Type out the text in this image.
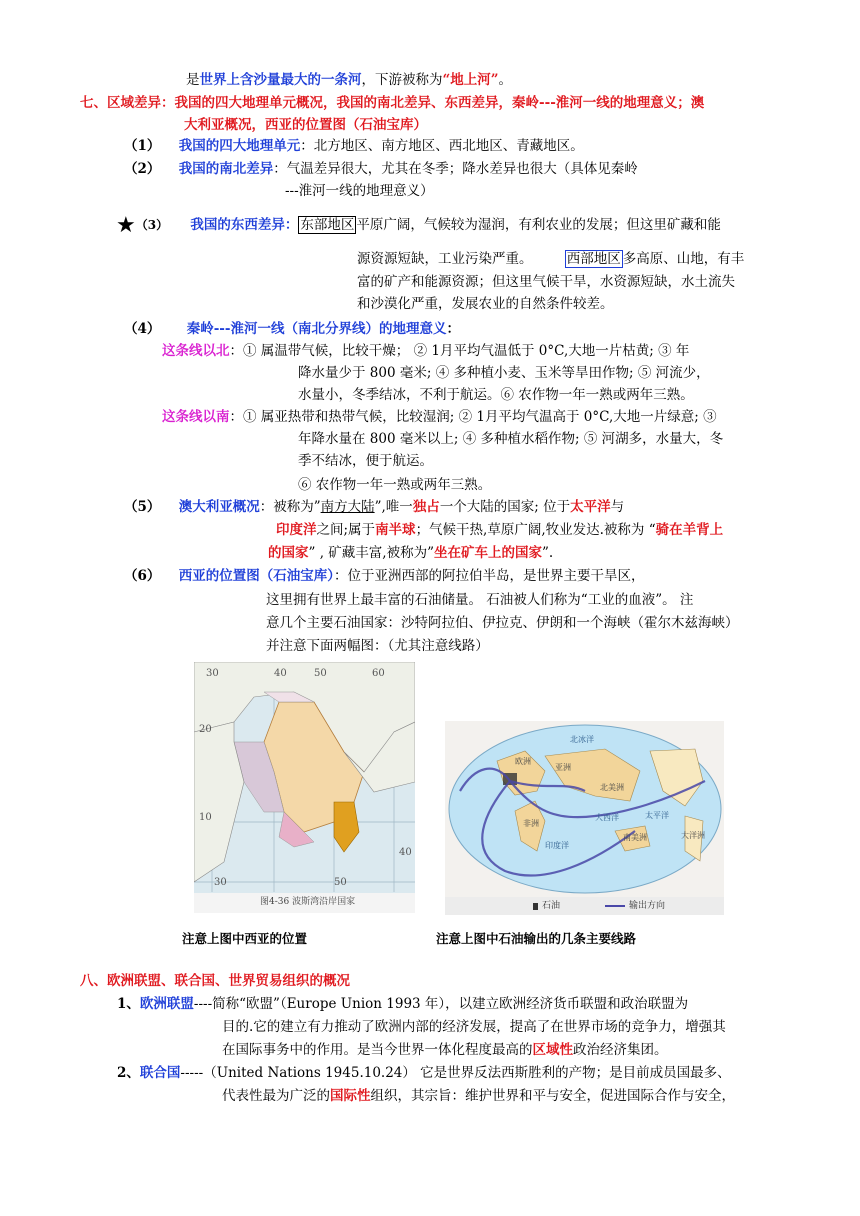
是世界上含沙量最大的一条河，下游被称为“地上河”。
七、区域差异：我国的四大地理单元概况，我国的南北差异、东西差异，秦岭---淮河一线的地理意义；澳
大利亚概况，西亚的位置图（石油宝库）
（1） 我国的四大地理单元：北方地区、南方地区、西北地区、青藏地区。
（2） 我国的南北差异：气温差异很大，尤其在冬季；降水差异也很大（具体见秦岭
---淮河一线的地理意义）
★（3） 我国的东西差异： 东部地区 平原广阔，气候较为湿润，有利农业的发展；但这里矿藏和能
源资源短缺，工业污染严重。	西部地区 多高原、山地，有丰
富的矿产和能源资源；但这里气候干旱，水资源短缺，水土流失
和沙漠化严重，发展农业的自然条件较差。
（4） 秦岭---淮河一线（南北分界线）的地理意义：
这条线以北：① 属温带气候，比较干燥； ② 1月平均气温低于 0°C,大地一片枯黄; ③ 年
降水量少于 800 毫米; ④ 多种植小麦、玉米等旱田作物; ⑤ 河流少，
水量小，冬季结冰，不利于航运。⑥ 农作物一年一熟或两年三熟。
这条线以南：① 属亚热带和热带气候，比较湿润; ② 1月平均气温高于 0°C,大地一片绿意; ③
年降水量在 800 毫米以上; ④ 多种植水稻作物; ⑤ 河湖多，水量大，冬
季不结冰，便于航运。
⑥ 农作物一年一熟或两年三熟。
（5） 澳大利亚概况：被称为”南方大陆”,唯一独占一个大陆的国家; 位于太平洋与
印度洋之间;属于南半球；气候干热,草原广阔,牧业发达.被称为 “骑在羊背上
的国家” , 矿藏丰富,被称为”坐在矿车上的国家”.
（6） 西亚的位置图（石油宝库）：位于亚洲西部的阿拉伯半岛，是世界主要干旱区，
这里拥有世界上最丰富的石油储量。 石油被人们称为“工业的血液”。 注
意几个主要石油国家：沙特阿拉伯、伊拉克、伊朗和一个海峡（霍尔木兹海峡）
并注意下面两幅图：（尤其注意线路）
30	40	50	60
20
10
40
30	50
图4-36 波斯湾沿岸国家	石油	输出方向
北美洲
南美洲
非洲
欧洲
亚洲
大洋洲
北冰洋
太平洋
大西洋
印度洋
注意上图中西亚的位置	注意上图中石油输出的几条主要线路
八、欧洲联盟、联合国、世界贸易组织的概况
1、欧洲联盟----简称“欧盟”（Europe Union 1993 年），以建立欧洲经济货币联盟和政治联盟为
目的.它的建立有力推动了欧洲内部的经济发展，提高了在世界市场的竞争力，增强其
在国际事务中的作用。是当今世界一体化程度最高的区域性政治经济集团。
2、联合国-----（United Nations 1945.10.24） 它是世界反法西斯胜利的产物；是目前成员国最多、
代表性最为广泛的国际性组织，其宗旨：维护世界和平与安全，促进国际合作与安全，
